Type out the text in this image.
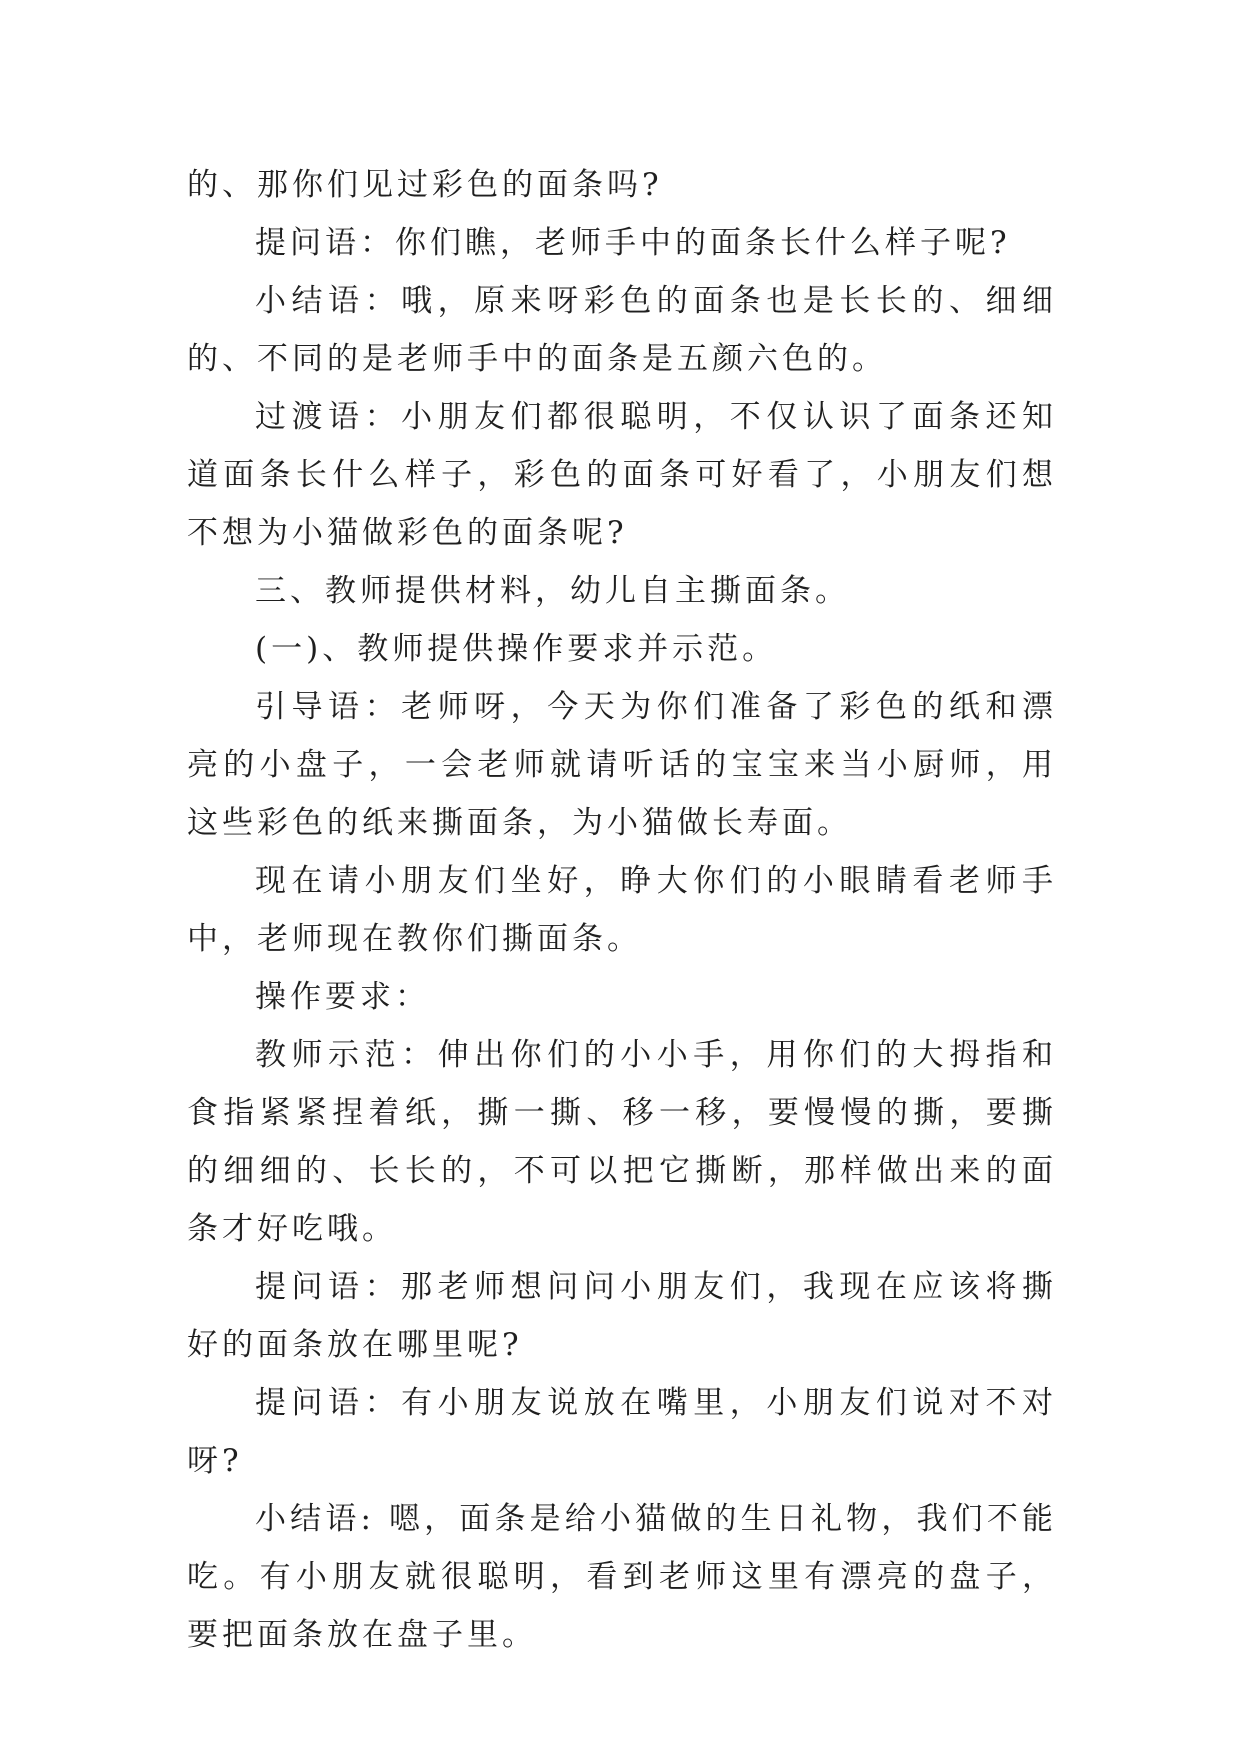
的、那你们见过彩色的面条吗?

提问语：你们瞧，老师手中的面条长什么样子呢?

小结语：哦，原来呀彩色的面条也是长长的、细细的、不同的是老师手中的面条是五颜六色的。

过渡语：小朋友们都很聪明，不仅认识了面条还知道面条长什么样子，彩色的面条可好看了，小朋友们想不想为小猫做彩色的面条呢?

三、教师提供材料，幼儿自主撕面条。

(一)、教师提供操作要求并示范。

引导语：老师呀，今天为你们准备了彩色的纸和漂亮的小盘子，一会老师就请听话的宝宝来当小厨师，用这些彩色的纸来撕面条，为小猫做长寿面。

现在请小朋友们坐好，睁大你们的小眼睛看老师手中，老师现在教你们撕面条。

操作要求：

教师示范：伸出你们的小小手，用你们的大拇指和食指紧紧捏着纸，撕一撕、移一移，要慢慢的撕，要撕的细细的、长长的，不可以把它撕断，那样做出来的面条才好吃哦。

提问语：那老师想问问小朋友们，我现在应该将撕好的面条放在哪里呢?

提问语：有小朋友说放在嘴里，小朋友们说对不对呀?

小结语: 嗯，面条是给小猫做的生日礼物，我们不能吃。有小朋友就很聪明，看到老师这里有漂亮的盘子，要把面条放在盘子里。
